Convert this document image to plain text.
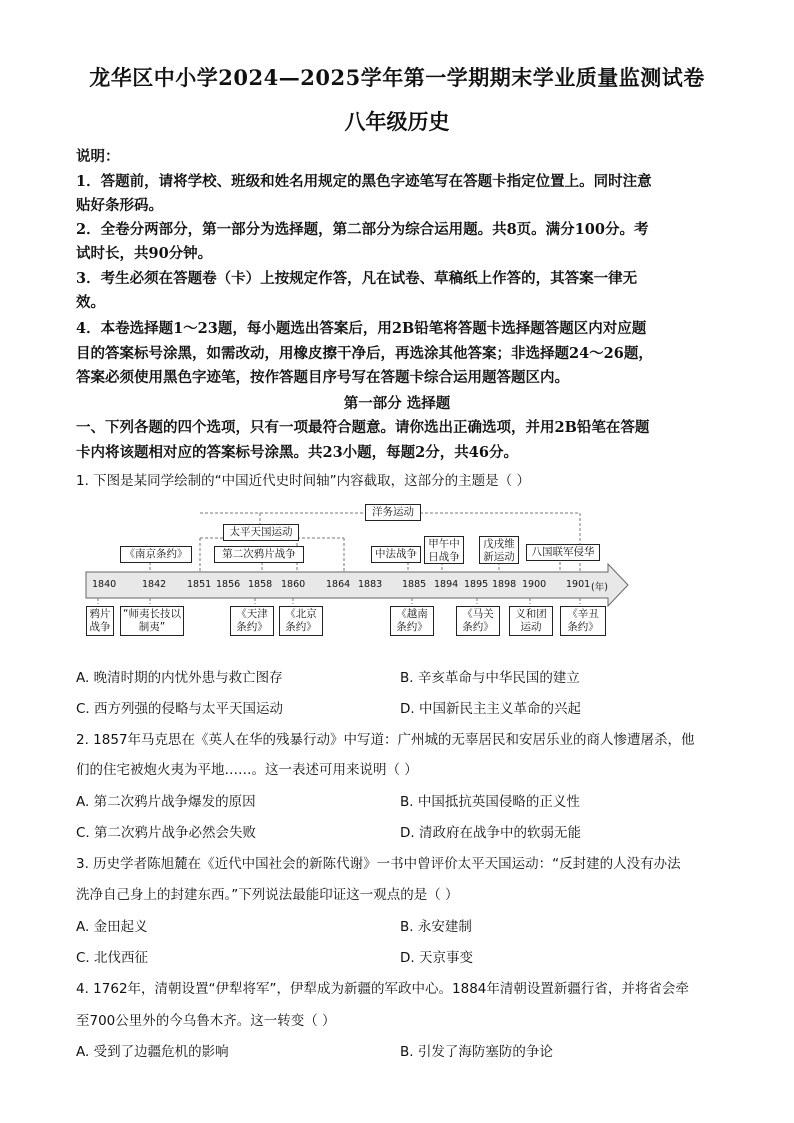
龙华区中小学2024—2025学年第一学期期末学业质量监测试卷
八年级历史
说明：
1．答题前，请将学校、班级和姓名用规定的黑色字迹笔写在答题卡指定位置上。同时注意
贴好条形码。
2．全卷分两部分，第一部分为选择题，第二部分为综合运用题。共8页。满分100分。考
试时长，共90分钟。
3．考生必须在答题卷（卡）上按规定作答，凡在试卷、草稿纸上作答的，其答案一律无
效。
4．本卷选择题1～23题，每小题选出答案后，用2B铅笔将答题卡选择题答题区内对应题
目的答案标号涂黑，如需改动，用橡皮擦干净后，再选涂其他答案；非选择题24～26题，
答案必须使用黑色字迹笔，按作答题目序号写在答题卡综合运用题答题区内。
第一部分 选择题
一、下列各题的四个选项，只有一项最符合题意。请你选出正确选项，并用2B铅笔在答题
卡内将该题相对应的答案标号涂黑。共23小题，每题2分，共46分。
1. 下图是某同学绘制的“中国近代史时间轴”内容截取，这部分的主题是（ ）
《南京条约》
太平天国运动
第二次鸦片战争
洋务运动
中法战争
甲午中日战争
戊戌维新运动	八国联军侵华
1840	1842 1851 1856 1858 1860 1864 1883 1885 1894 1895 1898 1900 1901 (年)
鸦片战争
“师夷长技以制夷”
《天津条约》
《北京条约》
《越南条约》
《马关条约》
义和团运动
《辛丑条约》
A. 晚清时期的内忧外患与救亡图存	B. 辛亥革命与中华民国的建立
C. 西方列强的侵略与太平天国运动	D. 中国新民主主义革命的兴起
2. 1857年马克思在《英人在华的残暴行动》中写道：广州城的无辜居民和安居乐业的商人惨遭屠杀，他
们的住宅被炮火夷为平地……。这一表述可用来说明（ ）
A. 第二次鸦片战争爆发的原因	B. 中国抵抗英国侵略的正义性
C. 第二次鸦片战争必然会失败	D. 清政府在战争中的软弱无能
3. 历史学者陈旭麓在《近代中国社会的新陈代谢》一书中曾评价太平天国运动：“反封建的人没有办法
洗净自己身上的封建东西。”下列说法最能印证这一观点的是（ ）
A. 金田起义	B. 永安建制
C. 北伐西征	D. 天京事变
4. 1762年，清朝设置“伊犁将军”，伊犁成为新疆的军政中心。1884年清朝设置新疆行省，并将省会牵
至700公里外的今乌鲁木齐。这一转变（ ）
A. 受到了边疆危机的影响	B. 引发了海防塞防的争论
